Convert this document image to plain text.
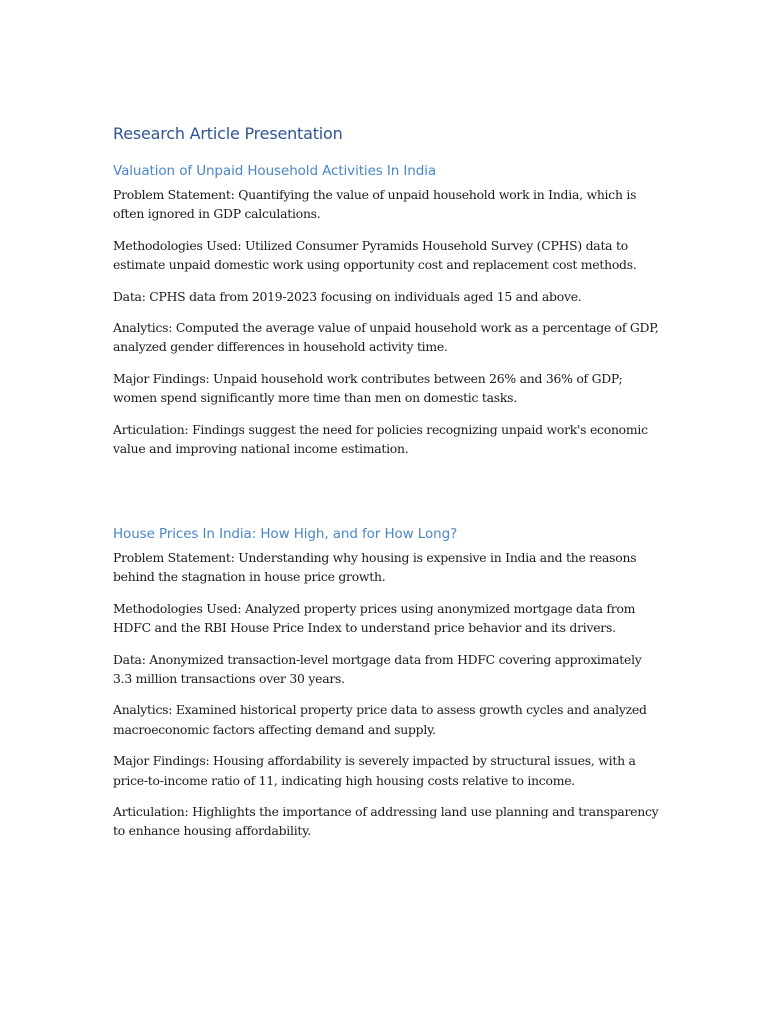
Research Article Presentation
Valuation of Unpaid Household Activities In India

Problem Statement: Quantifying the value of unpaid household work in India, which is often ignored in GDP calculations.

Methodologies Used: Utilized Consumer Pyramids Household Survey (CPHS) data to estimate unpaid domestic work using opportunity cost and replacement cost methods.

Data: CPHS data from 2019-2023 focusing on individuals aged 15 and above.

Analytics: Computed the average value of unpaid household work as a percentage of GDP, analyzed gender differences in household activity time.

Major Findings: Unpaid household work contributes between 26% and 36% of GDP; women spend significantly more time than men on domestic tasks.

Articulation: Findings suggest the need for policies recognizing unpaid work's economic value and improving national income estimation.

House Prices In India: How High, and for How Long?

Problem Statement: Understanding why housing is expensive in India and the reasons behind the stagnation in house price growth.

Methodologies Used: Analyzed property prices using anonymized mortgage data from HDFC and the RBI House Price Index to understand price behavior and its drivers.

Data: Anonymized transaction-level mortgage data from HDFC covering approximately 3.3 million transactions over 30 years.

Analytics: Examined historical property price data to assess growth cycles and analyzed macroeconomic factors affecting demand and supply.

Major Findings: Housing affordability is severely impacted by structural issues, with a price-to-income ratio of 11, indicating high housing costs relative to income.

Articulation: Highlights the importance of addressing land use planning and transparency to enhance housing affordability.
